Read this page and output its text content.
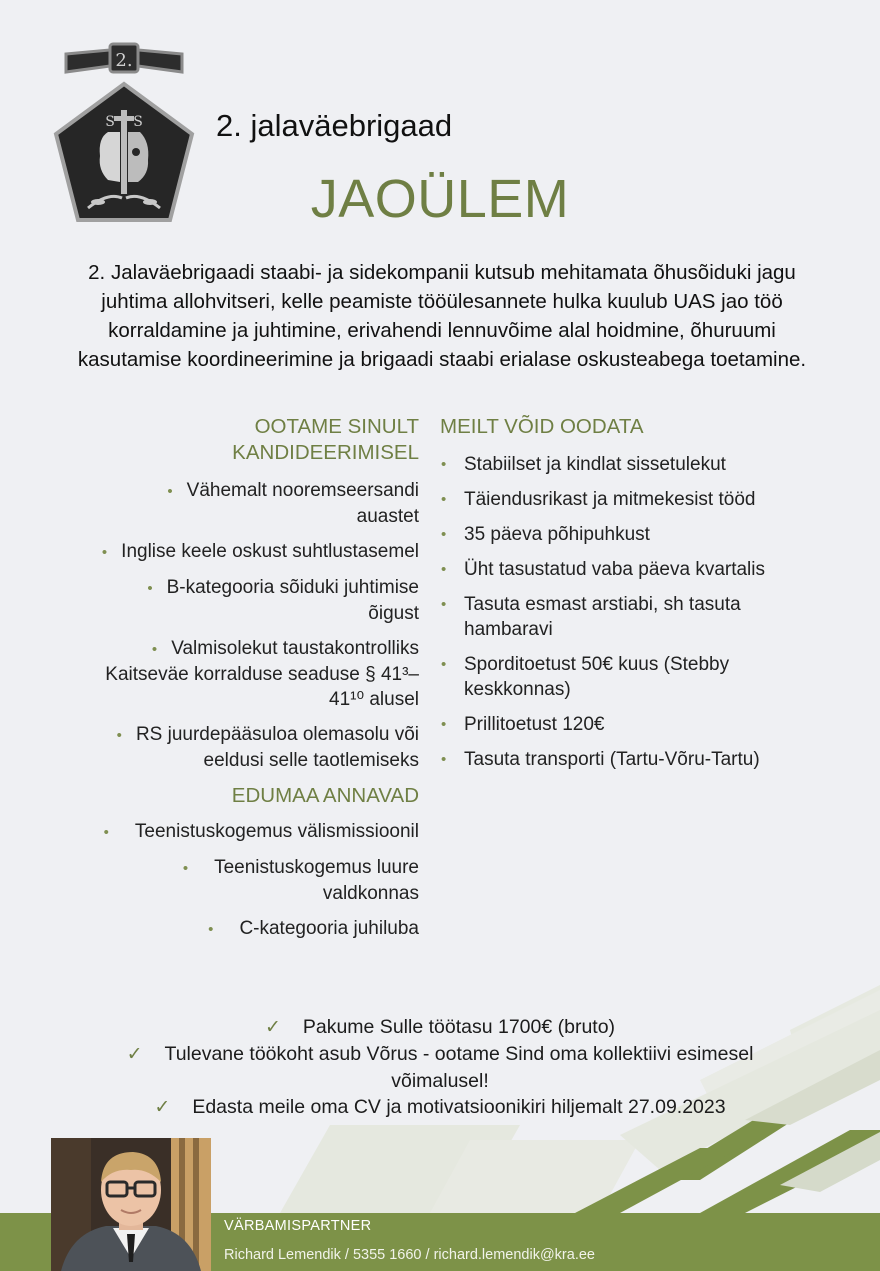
2.
S S 2. jalaväebrigaad
JAOÜLEM
2. Jalaväebrigaadi staabi- ja sidekompanii kutsub mehitamata õhusõiduki jagu juhtima allohvitseri, kelle peamiste tööülesannete hulka kuulub UAS jao töö korraldamine ja juhtimine, erivahendi lennuvõime alal hoidmine, õhuruumi kasutamise koordineerimine ja brigaadi staabi erialase oskusteabega toetamine.
OOTAME SINULT KANDIDEERIMISEL
• Vähemalt nooremseersandi auastet
• Inglise keele oskust suhtlustasemel
• B-kategooria sõiduki juhtimise õigust
• Valmisolekut taustakontrolliks Kaitseväe korralduse seaduse § 41³–41¹⁰ alusel
• RS juurdepääsuloa olemasolu või eeldusi selle taotlemiseks
EDUMAA ANNAVAD
• Teenistuskogemus välismissioonil
• Teenistuskogemus luure valdkonnas
• C-kategooria juhiluba
MEILT VÕID OODATA
• Stabiilset ja kindlat sissetulekut
• Täiendusrikast ja mitmekesist tööd
• 35 päeva põhipuhkust
• Üht tasustatud vaba päeva kvartalis
• Tasuta esmast arstiabi, sh tasuta hambaravi
• Sporditoetust 50€ kuus (Stebby keskkonnas)
• Prillitoetust 120€
• Tasuta transporti (Tartu-Võru-Tartu)
✓ Pakume Sulle töötasu 1700€ (bruto)
✓ Tulevane töökoht asub Võrus - ootame Sind oma kollektiivi esimesel võimalusel!
✓ Edasta meile oma CV ja motivatsioonikiri hiljemalt 27.09.2023
VÄRBAMISPARTNER
Richard Lemendik / 5355 1660 / richard.lemendik@kra.ee
